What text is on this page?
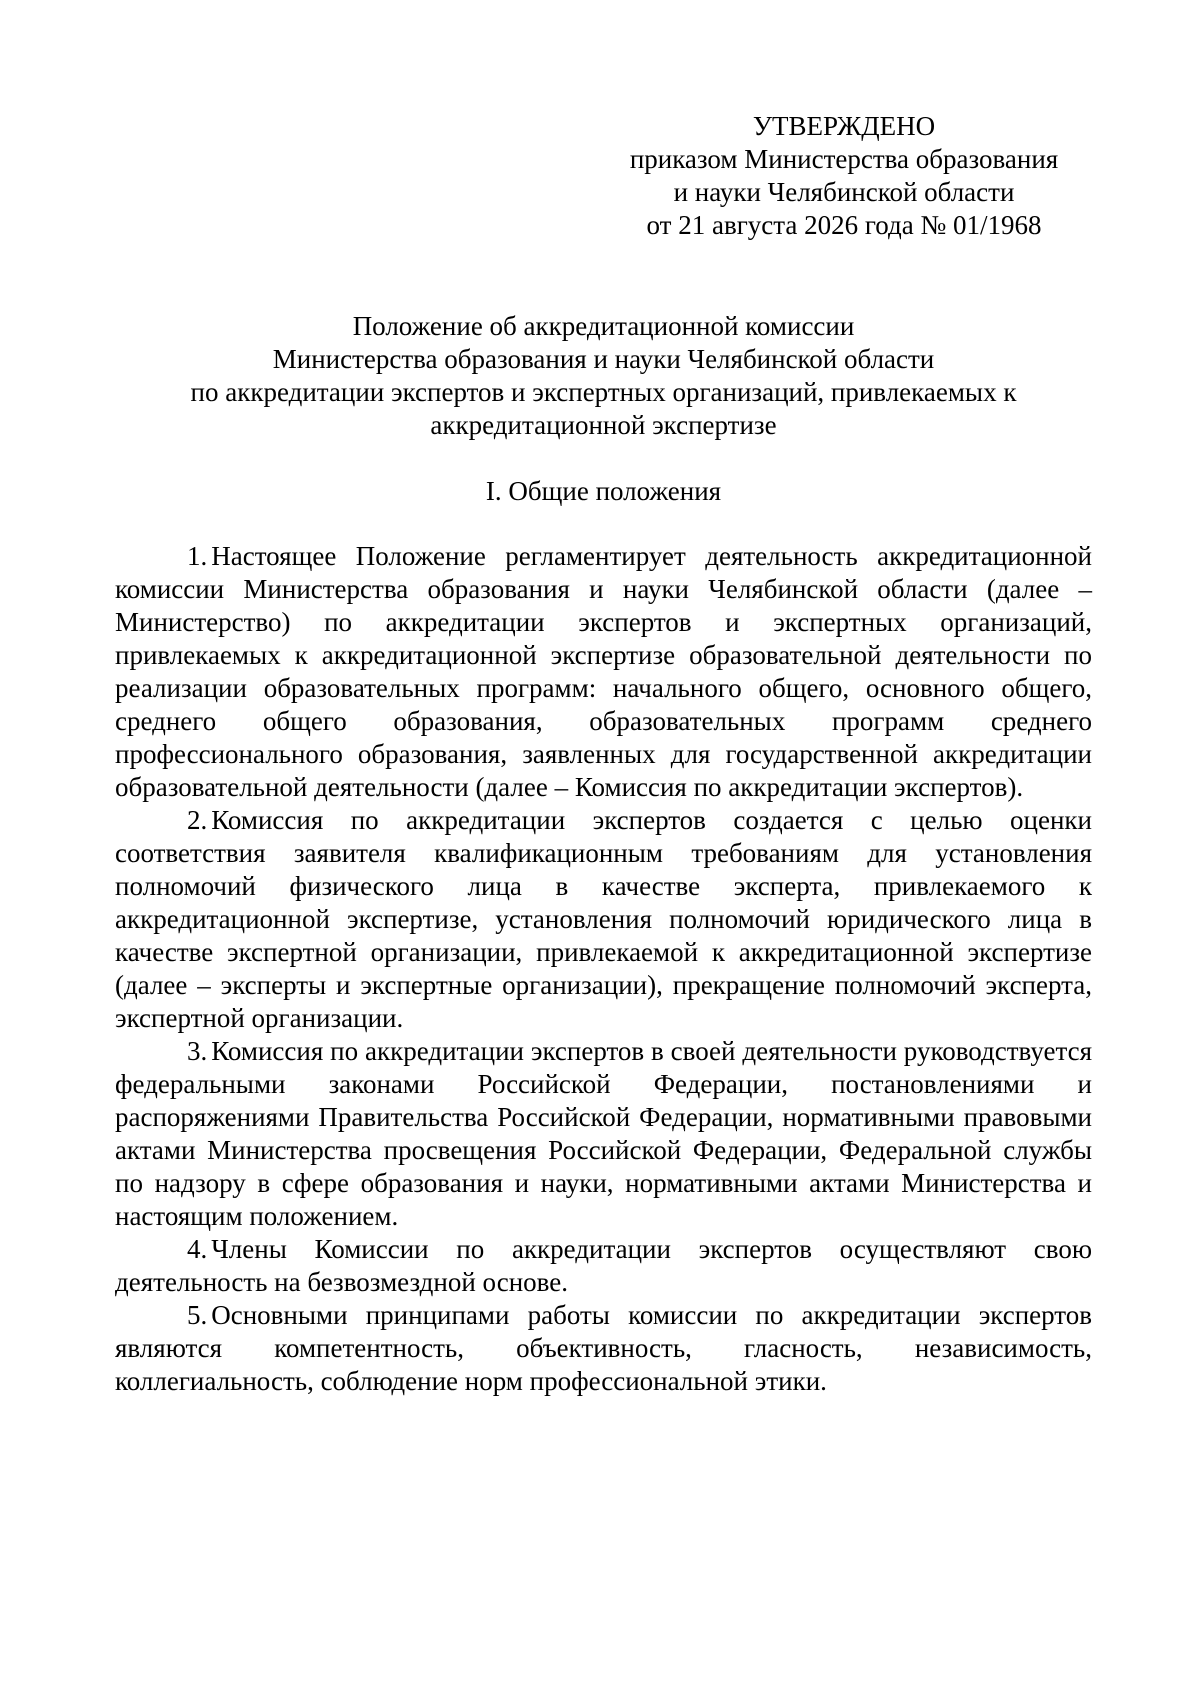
УТВЕРЖДЕНО
приказом Министерства образования
и науки Челябинской области
от 21 августа 2026 года № 01/1968
Положение об аккредитационной комиссии
Министерства образования и науки Челябинской области
по аккредитации экспертов и экспертных организаций, привлекаемых к
аккредитационной экспертизе
I. Общие положения

1. Настоящее Положение регламентирует деятельность аккредитационной комиссии Министерства образования и науки Челябинской области (далее – Министерство) по аккредитации экспертов и экспертных организаций, привлекаемых к аккредитационной экспертизе образовательной деятельности по реализации образовательных программ: начального общего, основного общего, среднего общего образования, образовательных программ среднего профессионального образования, заявленных для государственной аккредитации образовательной деятельности (далее – Комиссия по аккредитации экспертов).

2. Комиссия по аккредитации экспертов создается с целью оценки соответствия заявителя квалификационным требованиям для установления полномочий физического лица в качестве эксперта, привлекаемого к аккредитационной экспертизе, установления полномочий юридического лица в качестве экспертной организации, привлекаемой к аккредитационной экспертизе (далее – эксперты и экспертные организации), прекращение полномочий эксперта, экспертной организации.

3. Комиссия по аккредитации экспертов в своей деятельности руководствуется федеральными законами Российской Федерации, постановлениями и распоряжениями Правительства Российской Федерации, нормативными правовыми актами Министерства просвещения Российской Федерации, Федеральной службы по надзору в сфере образования и науки, нормативными актами Министерства и настоящим положением.

4. Члены Комиссии по аккредитации экспертов осуществляют свою деятельность на безвозмездной основе.

5. Основными принципами работы комиссии по аккредитации экспертов являются компетентность, объективность, гласность, независимость, коллегиальность, соблюдение норм профессиональной этики.
